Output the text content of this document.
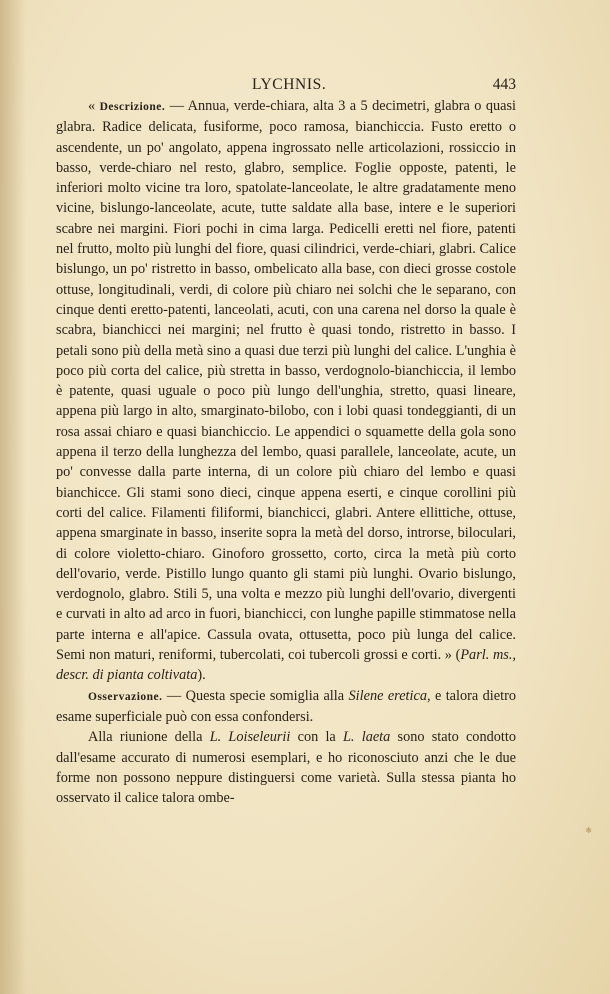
LYCHNIS.	443

« Descrizione. — Annua, verde-chiara, alta 3 a 5 decimetri, glabra o quasi glabra. Radice delicata, fusiforme, poco ramosa, bianchiccia. Fusto eretto o ascendente, un po' angolato, appena ingrossato nelle articolazioni, rossiccio in basso, verde-chiaro nel resto, glabro, semplice. Foglie opposte, patenti, le inferiori molto vicine tra loro, spatolate-lanceolate, le altre gradatamente meno vicine, bislungo-lanceolate, acute, tutte saldate alla base, intere e le superiori scabre nei margini. Fiori pochi in cima larga. Pedicelli eretti nel fiore, patenti nel frutto, molto più lunghi del fiore, quasi cilindrici, verde-chiari, glabri. Calice bislungo, un po' ristretto in basso, ombelicato alla base, con dieci grosse costole ottuse, longitudinali, verdi, di colore più chiaro nei solchi che le separano, con cinque denti eretto-patenti, lanceolati, acuti, con una carena nel dorso la quale è scabra, bianchicci nei margini; nel frutto è quasi tondo, ristretto in basso. I petali sono più della metà sino a quasi due terzi più lunghi del calice. L'unghia è poco più corta del calice, più stretta in basso, verdognolo-bianchiccia, il lembo è patente, quasi uguale o poco più lungo dell'unghia, stretto, quasi lineare, appena più largo in alto, smarginato-bilobo, con i lobi quasi tondeggianti, di un rosa assai chiaro e quasi bianchiccio. Le appendici o squamette della gola sono appena il terzo della lunghezza del lembo, quasi parallele, lanceolate, acute, un po' convesse dalla parte interna, di un colore più chiaro del lembo e quasi bianchicce. Gli stami sono dieci, cinque appena eserti, e cinque corollini più corti del calice. Filamenti filiformi, bianchicci, glabri. Antere ellittiche, ottuse, appena smarginate in basso, inserite sopra la metà del dorso, introrse, biloculari, di colore violetto-chiaro. Ginoforo grossetto, corto, circa la metà più corto dell'ovario, verde. Pistillo lungo quanto gli stami più lunghi. Ovario bislungo, verdognolo, glabro. Stili 5, una volta e mezzo più lunghi dell'ovario, divergenti e curvati in alto ad arco in fuori, bianchicci, con lunghe papille stimmatose nella parte interna e all'apice. Cassula ovata, ottusetta, poco più lunga del calice. Semi non maturi, reniformi, tubercolati, coi tubercoli grossi e corti. » (Parl. ms., descr. di pianta coltivata).

Osservazione. — Questa specie somiglia alla Silene eretica, e talora dietro esame superficiale può con essa confondersi.

Alla riunione della L. Loiseleurii con la L. laeta sono stato condotto dall'esame accurato di numerosi esemplari, e ho riconosciuto anzi che le due forme non possono neppure distinguersi come varietà. Sulla stessa pianta ho osservato il calice talora ombe-

✱
